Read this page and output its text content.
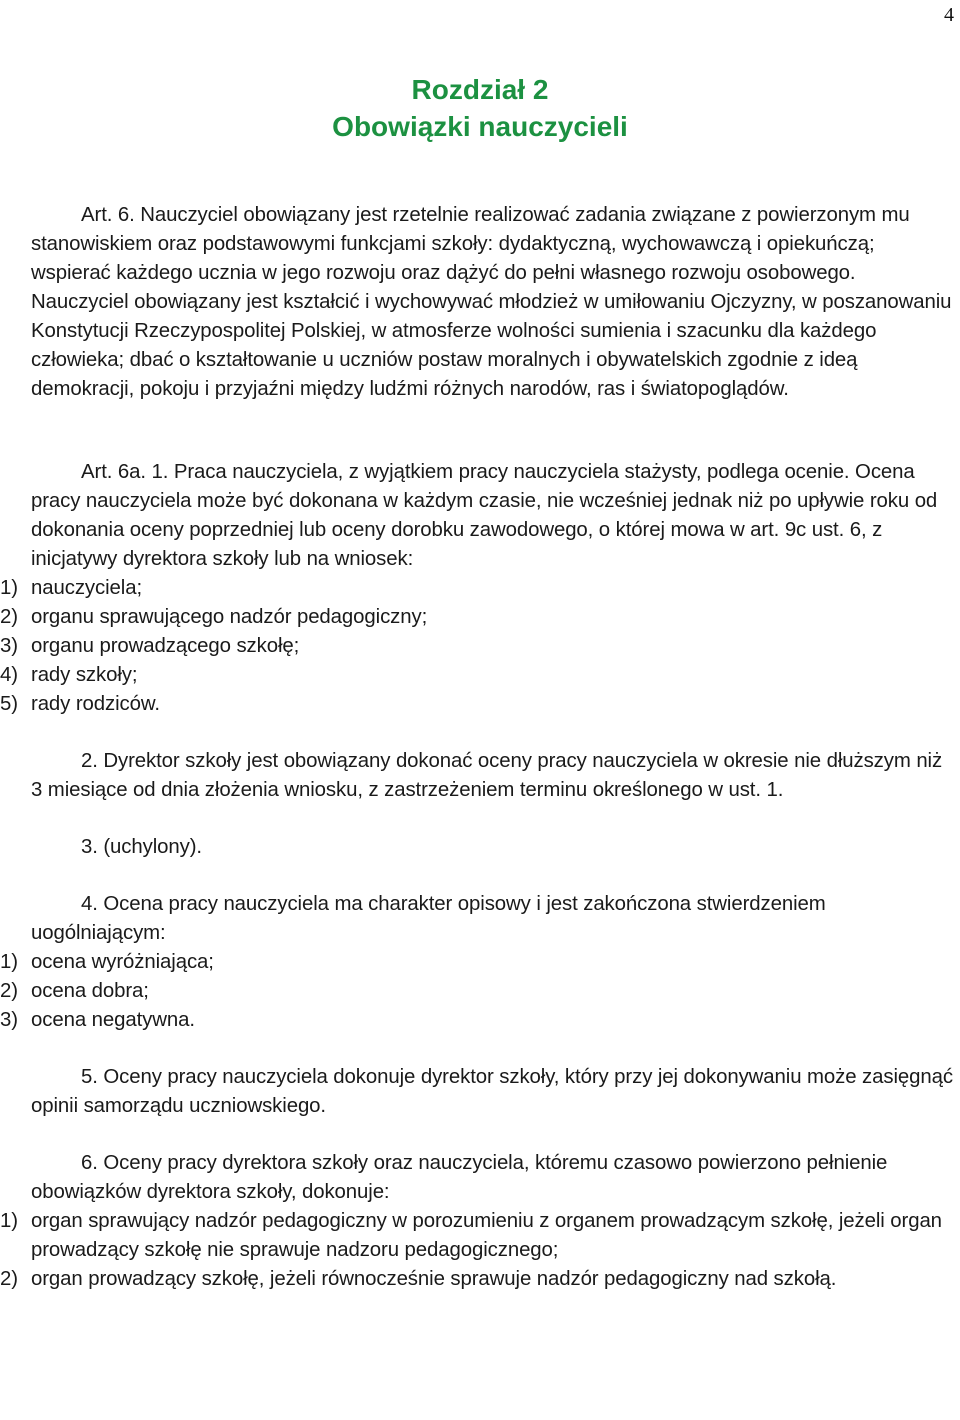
4
Rozdział 2
Obowiązki nauczycieli

Art. 6. Nauczyciel obowiązany jest rzetelnie realizować zadania związane z powierzonym mu stanowiskiem oraz podstawowymi funkcjami szkoły: dydaktyczną, wychowawczą i opiekuńczą; wspierać każdego ucznia w jego rozwoju oraz dążyć do pełni własnego rozwoju osobowego. Nauczyciel obowiązany jest kształcić i wychowywać młodzież w umiłowaniu Ojczyzny, w poszanowaniu Konstytucji Rzeczypospolitej Polskiej, w atmosferze wolności sumienia i szacunku dla każdego człowieka; dbać o kształtowanie u uczniów postaw moralnych i obywatelskich zgodnie z ideą demokracji, pokoju i przyjaźni między ludźmi różnych narodów, ras i światopoglądów.

Art. 6a. 1. Praca nauczyciela, z wyjątkiem pracy nauczyciela stażysty, podlega ocenie. Ocena pracy nauczyciela może być dokonana w każdym czasie, nie wcześniej jednak niż po upływie roku od dokonania oceny poprzedniej lub oceny dorobku zawodowego, o której mowa w art. 9c ust. 6, z inicjatywy dyrektora szkoły lub na wniosek:

1) nauczyciela;
2) organu sprawującego nadzór pedagogiczny;
3) organu prowadzącego szkołę;
4) rady szkoły;
5) rady rodziców.

2. Dyrektor szkoły jest obowiązany dokonać oceny pracy nauczyciela w okresie nie dłuższym niż 3 miesiące od dnia złożenia wniosku, z zastrzeżeniem terminu określonego w ust. 1.

3. (uchylony).

4. Ocena pracy nauczyciela ma charakter opisowy i jest zakończona stwierdzeniem uogólniającym:

1) ocena wyróżniająca;
2) ocena dobra;
3) ocena negatywna.

5. Oceny pracy nauczyciela dokonuje dyrektor szkoły, który przy jej dokonywaniu może zasięgnąć opinii samorządu uczniowskiego.

6. Oceny pracy dyrektora szkoły oraz nauczyciela, któremu czasowo powierzono pełnienie obowiązków dyrektora szkoły, dokonuje:

1) organ sprawujący nadzór pedagogiczny w porozumieniu z organem prowadzącym szkołę, jeżeli organ prowadzący szkołę nie sprawuje nadzoru pedagogicznego;
2) organ prowadzący szkołę, jeżeli równocześnie sprawuje nadzór pedagogiczny nad szkołą.
